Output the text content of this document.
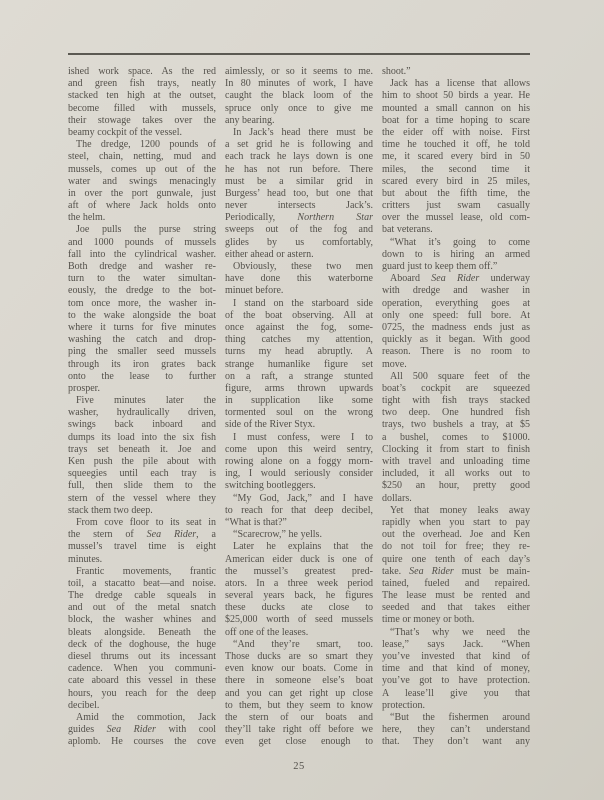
ished work space. As the red
and green fish trays, neatly
stacked ten high at the outset,
become filled with mussels,
their stowage takes over the
beamy cockpit of the vessel.
The dredge, 1200 pounds of
steel, chain, netting, mud and
mussels, comes up out of the
water and swings menacingly
in over the port gunwale, just
aft of where Jack holds onto
the helm.
Joe pulls the purse string
and 1000 pounds of mussels
fall into the cylindrical washer.
Both dredge and washer re-
turn to the water simultan-
eously, the dredge to the bot-
tom once more, the washer in-
to the wake alongside the boat
where it turns for five minutes
washing the catch and drop-
ping the smaller seed mussels
through its iron grates back
onto the lease to further
prosper.
Five minutes later the
washer, hydraulically driven,
swings back inboard and
dumps its load into the six fish
trays set beneath it. Joe and
Ken push the pile about with
squeegies until each tray is
full, then slide them to the
stern of the vessel where they
stack them two deep.
From cove floor to its seat in
the stern of Sea Rider, a
mussel’s travel time is eight
minutes.
Frantic movements, frantic
toil, a stacatto beat—and noise.
The dredge cable squeals in
and out of the metal snatch
block, the washer whines and
bleats alongside. Beneath the
deck of the doghouse, the huge
diesel thrums out its incessant
cadence. When you communi-
cate aboard this vessel in these
hours, you reach for the deep
decibel.
Amid the commotion, Jack
guides Sea Rider with cool
aplomb. He courses the cove
aimlessly, or so it seems to me.
In 80 minutes of work, I have
caught the black loom of the
spruce only once to give me
any bearing.
In Jack’s head there must be
a set grid he is following and
each track he lays down is one
he has not run before. There
must be a similar grid in
Burgess’ head too, but one that
never intersects Jack’s.
Periodically, Northern Star
sweeps out of the fog and
glides by us comfortably,
either ahead or astern.
Obviously, these two men
have done this waterborne
minuet before.
I stand on the starboard side
of the boat observing. All at
once against the fog, some-
thing catches my attention,
turns my head abruptly. A
strange humanlike figure set
on a raft, a strange stunted
figure, arms thrown upwards
in supplication like some
tormented soul on the wrong
side of the River Styx.
I must confess, were I to
come upon this weird sentry,
rowing alone on a foggy morn-
ing, I would seriously consider
switching bootleggers.
“My God, Jack,” and I have
to reach for that deep decibel,
“What is that?”
“Scarecrow,” he yells.
Later he explains that the
American eider duck is one of
the mussel’s greatest pred-
ators. In a three week period
several years back, he figures
these ducks ate close to
$25,000 worth of seed mussels
off one of the leases.
“And they’re smart, too.
Those ducks are so smart they
even know our boats. Come in
there in someone else’s boat
and you can get right up close
to them, but they seem to know
the stern of our boats and
they’ll take right off before we
even get close enough to
shoot.”
Jack has a license that allows
him to shoot 50 birds a year. He
mounted a small cannon on his
boat for a time hoping to scare
the eider off with noise. First
time he touched it off, he told
me, it scared every bird in 50
miles, the second time it
scared every bird in 25 miles,
but about the fifth time, the
critters just swam casually
over the mussel lease, old com-
bat veterans.
“What it’s going to come
down to is hiring an armed
guard just to keep them off.”
Aboard Sea Rider underway
with dredge and washer in
operation, everything goes at
only one speed: full bore. At
0725, the madness ends just as
quickly as it began. With good
reason. There is no room to
move.
All 500 square feet of the
boat’s cockpit are squeezed
tight with fish trays stacked
two deep. One hundred fish
trays, two bushels a tray, at $5
a bushel, comes to $1000.
Clocking it from start to finish
with travel and unloading time
included, it all works out to
$250 an hour, pretty good
dollars.
Yet that money leaks away
rapidly when you start to pay
out the overhead. Joe and Ken
do not toil for free; they re-
quire one tenth of each day’s
take. Sea Rider must be main-
tained, fueled and repaired.
The lease must be rented and
seeded and that takes either
time or money or both.
“That’s why we need the
lease,” says Jack. “When
you’ve invested that kind of
time and that kind of money,
you’ve got to have protection.
A lease’ll give you that
protection.
“But the fishermen around
here, they can’t understand
that. They don’t want any
25
